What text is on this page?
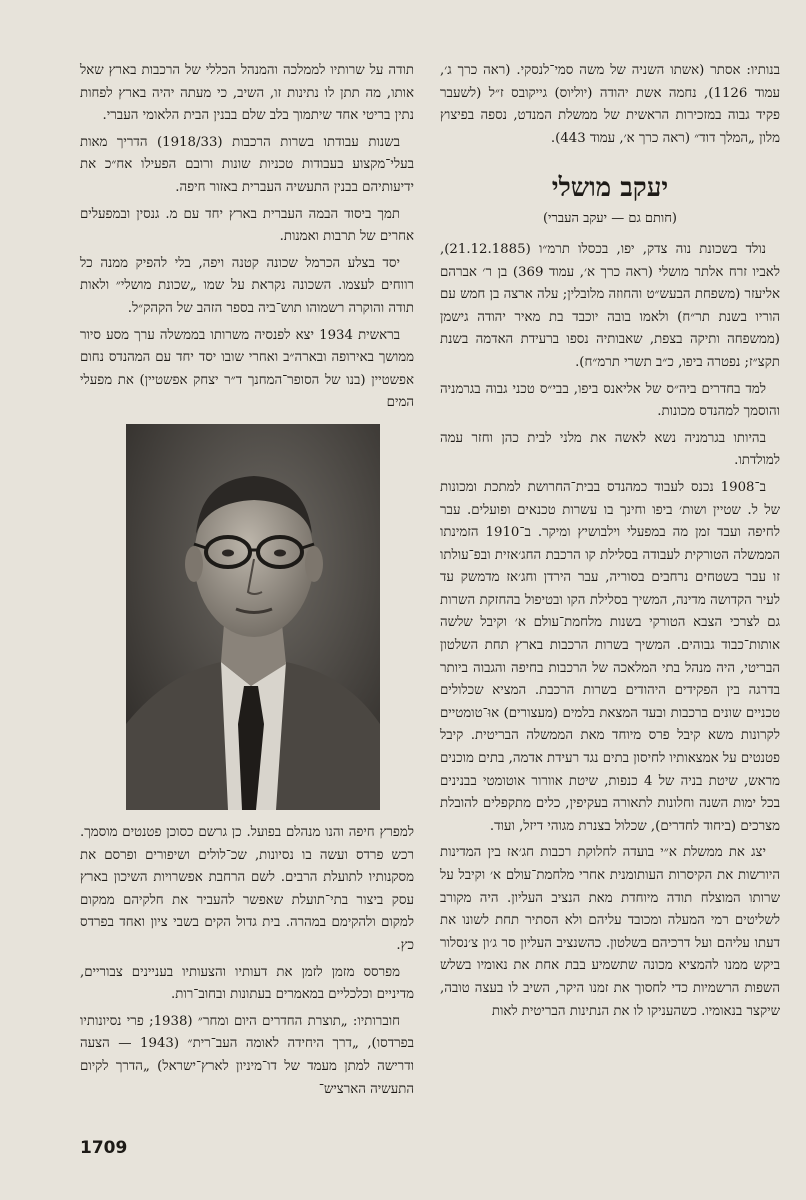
בנותיו: אסתר (אשתו השניה של משה סמי־לנסקי. (ראה כרך ג׳, עמוד 1126), נחמה אשת יהודה (יוליוס) גייקובס ז״ל (לשעבר פקיד גבוה במזכירות הראשית של ממשלת המנדט, נספה בפיצוץ מלון „המלך דוד״ (ראה כרך א׳, עמוד 443).

יעקב מושלי
(חותם גם — יעקב העברי)

נולד בשכונת נוה צדק, יפו, בכסלו תרמ״ו (21.12.1885), לאביו זרח אלתר מושלי (ראה כרך א׳, עמוד 369) בן ר׳ אברהם אליעזר (משפחת הבעש״ט והחוזה מלובלין; עלה ארצה בן חמש עם הוריו בשנת תר״ח) ולאמו בובה יוכבד בת מאיר יהודה גישמן (ממשפחה ותיקה בצפת, שאבותיה נספו ברעידת האדמה בשנת תקצ״ז; נפטרה ביפו, כ״ב תשרי תרמ״ח).

למד בחדרים ביה״ס של אליאנס ביפו, בבי״ס טכני גבוה בגרמניה והוסמך למהנדס מכונות.

בהיותו בגרמניה נשא לאשה את מלני לבית כהן וחזר עמה למולדתו.

ב־1908 נכנס לעבוד כמהנדס בבית־החרושת למתכת ומכונות של ל. שטיין ושות׳ ביפו וחינך בו עשרות טכנאים ופועלים. עבר לחיפה ועבד זמן מה במפעלי וילבושיץ ומיקר. ב־1910 הזמינתו הממשלה הטורקית לעבודה בסלילת קו הרכבת החג׳אזית ובפ־עולתו זו עבר בשטחים נרחבים בסוריה, עבר הירדן וחג׳אז מדמשק עד לעיר הקדושה מדינה, המשיך בסלילת הקו ובטיפול בהחזקת השרות גם לצרכי הצבא הטורקי בשנות מלחמת־עולם א׳ וקיבל שלשה אותות־כבוד גבוהים. המשיך בשרות הרכבות בארץ תחת השלטון הבריטי, היה מנהל בתי המלאכה של הרכבות בחיפה והגבוה ביותר בדרגה בין הפקידים היהודים בשרות הרכבת. המציא שכלולים טכניים שונים ברכבות ובעד המצאת בלמים (מעצורים) אוּ־טומטיים לקרונות משא קיבל פרס מיוחד מאת הממשלה הבריטית. קיבל פטנטים על אמצאותיו לחיסון בתים נגד רעידת אדמה, בתים מוכנים מראש, שיטת בניה של 4 כנפות, שיטת אוורור אוטומטי בבנינים בכל ימות השנה וחלונות לתאורה בעקיפין, כלים מתקפלים להובלת מצרכים (ביחוד לחדרים), שכלול בצנרת מגוהי דיזל, ועוד.

יצג את ממשלת א״י בועדה לחלוקת רכבות חג׳אז בין המדינות היורשות את הקיסרות העותומנית אחרי מלחמת־עולם א׳ וקיבל על שרותו המוצלח תודה מיוחדת מאת הנציב העליון. היה מקורב לשליטים רמי המעלה ומכובד עליהם ולא הסתיר תחת לשונו את דעתו עליהם ועל דרכיהם בשלטון. כהשנציב העליון סר ג׳ון צ׳נסלור ביקש ממנו להמציא מכונה שתשמיע בבת אחת את נאומיו בשלש השפות הרשמיות כדי לחסוך את זמנו היקר, השיב לו בעצה טובה, שיקצר בנאומיו. כשהעניקו לו את הנתינות הבריטית לאות

תודה על שרותיו לממלכה והמנהל הכללי של הרכבות בארץ שאל אותו, מה תתן לו נתינות זו, השיב, כי מעתה יהיה בארץ לפחות נתין בריטי אחד שיתמוך בלב שלם בבנין הבית הלאומי העברי.

בשנות עבודתו בשרות הרכבות (1918/33) הדריך מאות בעלי־מקצוע בעבודות טכניות שונות ורובם הפעילו אח״כ את ידיעותיהם בבנין התעשיה העברית באזור חיפה.

תמך ביסוד הבמה העברית בארץ יחד עם מ. גנסין ובמפעלים אחרים של תרבות ואמנות.

יסד בצלע הכרמל שכונה קטנה ויפה, בלי להפיק ממנה כל רווחים לעצמו. השכונה נקראת על שמו „שכונת מושלי״ ולאות תודה והוקרה רשמוהו תוש־ביה בספר הזהב של הקהק״ל.

בראשית 1934 יצא לפנסיה משרותו בממשלה ערך מסע סיור ממושך באירופה ובארה״ב ואחרי שובו יסד יחד עם המהנדס נחום אפשטיין (בנו של הסופר־המחנך ד״ר יצחק אפשטיין) את מפעלי המים

למפרץ חיפה והנו מנהלם בפועל. כן גרשם כסוכן פטנטים מוסמך. רכש פרדס ועשה בו נסיונות, שכ־לולים ושיפורים ופרסם את מסקנותיו לתועלת הרבים. לשם הרחבת אפשרויות השיכון בארץ עסק ביצור בתי־תועלת שאפשר להעביר את חלקיהם ממקום למקום ולהקימם במהרה. בית גדול הקים בשבי ציון ואחד בפרדס כץ.

מפרסס מזמן לזמן את דעותיו והצעותיו בעניינים צבוריים, מדיניים וכלכליים במאמרים בעתונות ובחוב־רות.

חוברותיו: „תוצרת החדרים היום ומחר״ (1938; פרי נסיונותיו בפרדסו), „דרך היחידה לאומה העב־רית״ (1943 — הצעה ודרישה למתן מעמד של דו־מיניון לארץ־ישראל) „הדרך לקיום התעשיה הארציש־

1709
